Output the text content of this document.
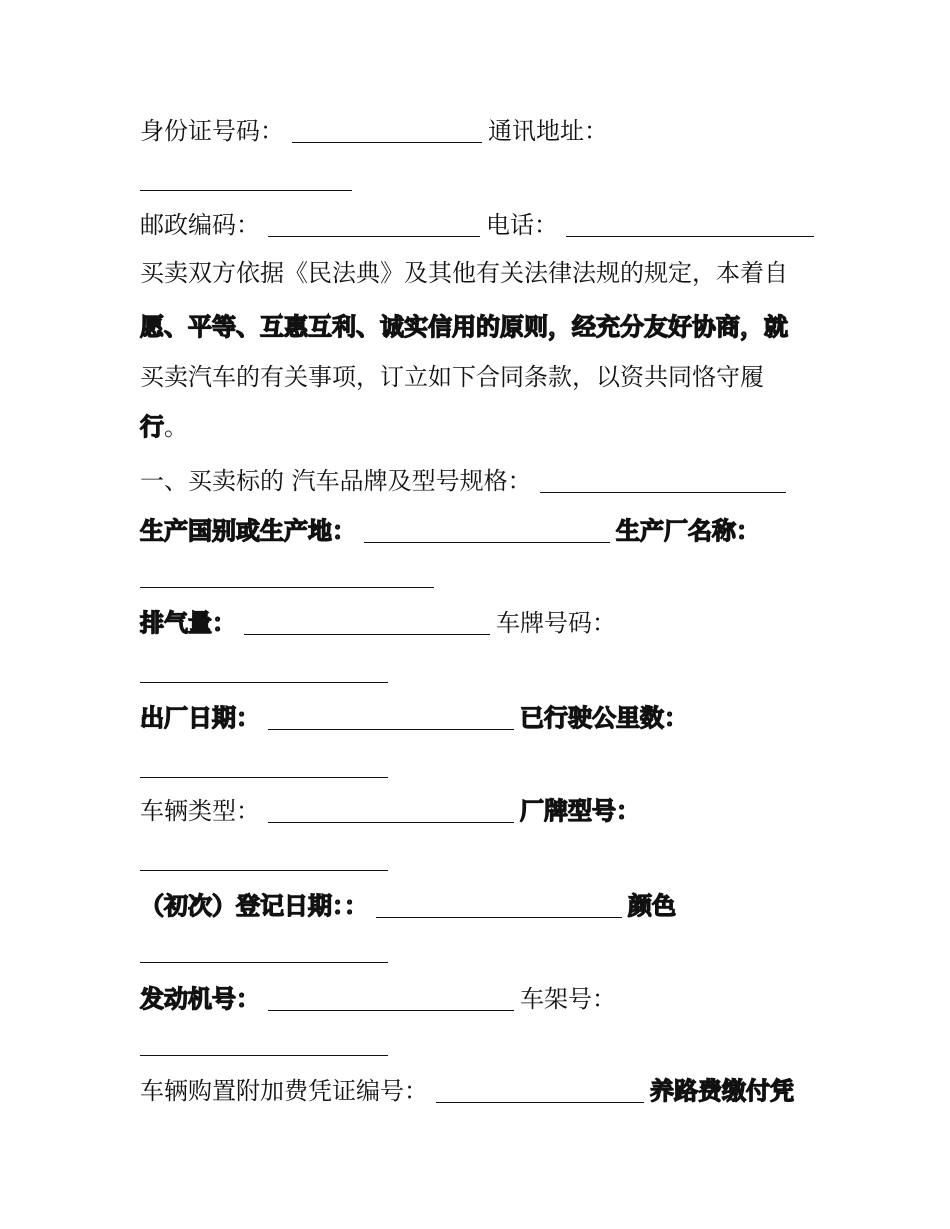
身份证号码：	通讯地址：
邮政编码：	电话：
买卖双方依据《民法典》及其他有关法律法规的规定，本着自
愿、平等、互惠互利、诚实信用的原则，经充分友好协商，就
买卖汽车的有关事项，订立如下合同条款，以资共同恪守履
行 。
一、买卖标的 汽车品牌及型号规格：
生产国别或生产地：	生产厂名称：
排气量：	车牌号码：
出厂日期：	已行驶公里数：
车辆类型：	厂牌型号：
（初次）登记日期：：	颜色
发动机号：	车架号：
车辆购置附加费凭证编号：	养路费缴付凭
